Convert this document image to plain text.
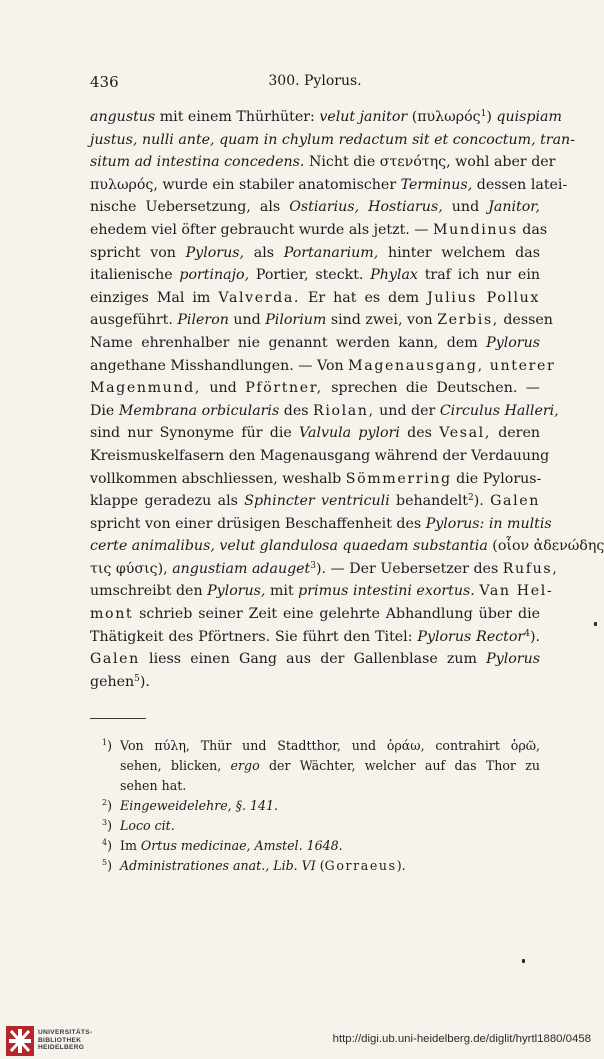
436	300. Pylorus.
angustus mit einem Thürhüter: velut janitor (πυλωρός$^1$) quispiam
justus, nulli ante, quam in chylum redactum sit et concoctum, tran-
situm ad intestina concedens. Nicht die στενότης, wohl aber der
πυλωρός, wurde ein stabiler anatomischer Terminus, dessen latei-
nische Uebersetzung, als Ostiarius, Hostiarus, und Janitor,
ehedem viel öfter gebraucht wurde als jetzt. — Mundinus das
spricht von Pylorus, als Portanarium, hinter welchem das
italienische portinajo, Portier, steckt. Phylax traf ich nur ein
einziges Mal im Valverda. Er hat es dem Julius Pollux
ausgeführt. Pileron und Pilorium sind zwei, von Zerbis, dessen
Name ehrenhalber nie genannt werden kann, dem Pylorus
angethane Misshandlungen. — Von Magenausgang, unterer
Magenmund, und Pförtner, sprechen die Deutschen. —
Die Membrana orbicularis des Riolan, und der Circulus Halleri,
sind nur Synonyme für die Valvula pylori des Vesal, deren
Kreismuskelfasern den Magenausgang während der Verdauung
vollkommen abschliessen, weshalb Sömmerring die Pylorus-
klappe geradezu als Sphincter ventriculi behandelt$^2$). Galen
spricht von einer drüsigen Beschaffenheit des Pylorus: in multis
certe animalibus, velut glandulosa quaedam substantia (οἷον ἀδενώδης
τις φύσις), angustiam adauget$^3$). — Der Uebersetzer des Rufus,
umschreibt den Pylorus, mit primus intestini exortus. Van Hel-
mont schrieb seiner Zeit eine gelehrte Abhandlung über die
Thätigkeit des Pförtners. Sie führt den Titel: Pylorus Rector$^4$).
Galen liess einen Gang aus der Gallenblase zum Pylorus
gehen$^5$).
$^1$) Von πύλη, Thür und Stadtthor, und ὁράω, contrahirt ὁρῶ,
sehen, blicken, ergo der Wächter, welcher auf das Thor zu
sehen hat.
$^2$) Eingeweidelehre, §. 141.
$^3$) Loco cit.
$^4$) Im Ortus medicinae, Amstel. 1648.
$^5$) Administrationes anat., Lib. VI (Gorraeus).
UNIVERSITÄTS-
BIBLIOTHEK
HEIDELBERG
http://digi.ub.uni-heidelberg.de/diglit/hyrtl1880/0458
